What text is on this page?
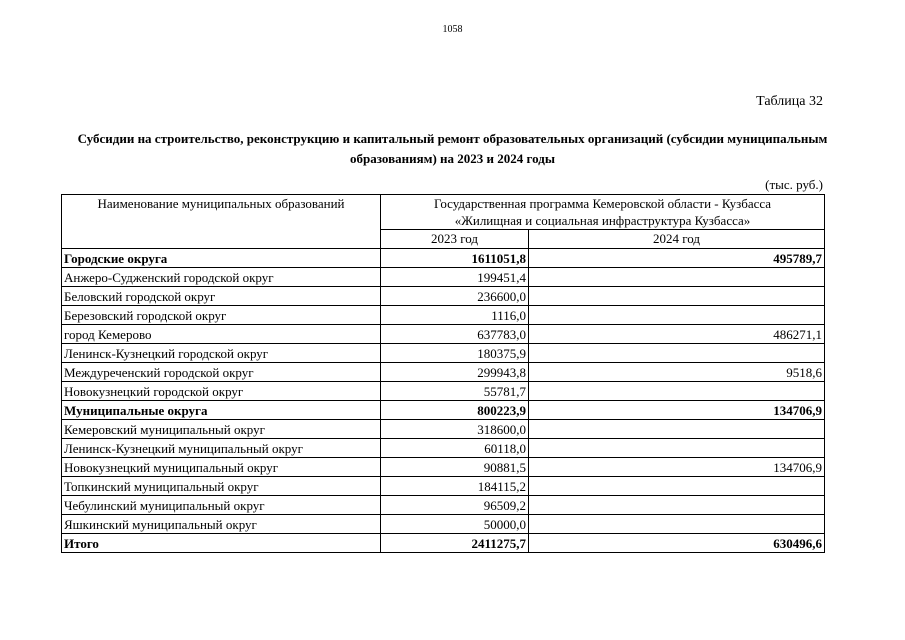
1058
Таблица 32
Субсидии на строительство, реконструкцию и капитальный ремонт образовательных организаций (субсидии муниципальным образованиям) на 2023 и 2024 годы
(тыс. руб.)
Наименование муниципальных образований	Государственная программа Кемеровской области - Кузбасса
«Жилищная и социальная инфраструктура Кузбасса»	

	2023 год	2024 год
Городские округа	1611051,8	495789,7
Анжеро-Судженский городской округ	199451,4	
Беловский городской округ	236600,0	
Березовский городской округ	1116,0	
город Кемерово	637783,0	486271,1
Ленинск-Кузнецкий городской округ	180375,9	
Междуреченский городской округ	299943,8	9518,6
Новокузнецкий городской округ	55781,7	
Муниципальные округа	800223,9	134706,9
Кемеровский муниципальный округ	318600,0	
Ленинск-Кузнецкий муниципальный округ	60118,0	
Новокузнецкий муниципальный округ	90881,5	134706,9
Топкинский муниципальный округ	184115,2	
Чебулинский муниципальный округ	96509,2	
Яшкинский муниципальный округ	50000,0	
Итого	2411275,7	630496,6
